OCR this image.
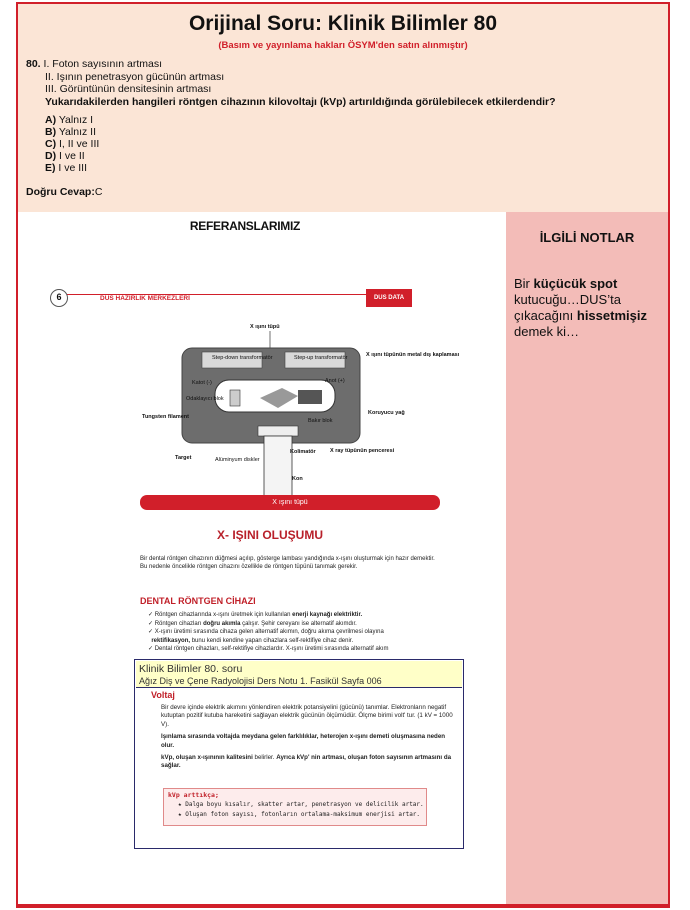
Orijinal Soru: Klinik Bilimler 80
(Basım ve yayınlama hakları ÖSYM'den satın alınmıştır)
80. I. Foton sayısının artması
II. Işının penetrasyon gücünün artması
III. Görüntünün densitesinin artması
Yukarıdakilerden hangileri röntgen cihazının kilovoltajı (kVp) artırıldığında görülebilecek etkilerdendir?
A) Yalnız I
B) Yalnız II
C) I, II ve III
D) I ve II
E) I ve III
Doğru Cevap:C
İLGİLİ NOTLAR
Bir küçücük spot kutucuğu…DUS’ta çıkacağını hissetmişiz demek ki…
REFERANSLARIMIZ
6	DUS HAZIRLIK MERKEZLERİ	DUS DATA
X ışını tüpü
Step-down transformatör	Step-up transformatör	X ışını tüpünün metal dış kaplaması
Katot (-)	Anot (+)
Odaklayıcı blok
Tungsten filament
Bakır blok
Koruyucu yağ
Kolimatör	X ray tüpünün penceresi
Target	Alüminyum diskler
Kon
X ışını tüpü
X- IŞINI OLUŞUMU
Bir dental röntgen cihazının düğmesi açılıp, gösterge lambası yandığında x-ışını oluşturmak için hazır demektir. Bu nedenle öncelikle röntgen cihazını özellikle de röntgen tüpünü tanımak gerekir.
DENTAL RÖNTGEN CİHAZI
✓ Röntgen cihazlarında x-ışını üretmek için kullanılan enerji kaynağı elektriktir.
✓ Röntgen cihazları doğru akımla çalışır. Şehir cereyanı ise alternatif akımdır.
✓ X-ışını üretimi sırasında cihaza gelen alternatif akımın, doğru akıma çevrilmesi olayına
rektifikasyon, bunu kendi kendine yapan cihazlara self-rektifiye cihaz denir.
✓ Dental röntgen cihazları, self-rektifiye cihazlardır. X-ışını üretimi sırasında alternatif akım
Klinik Bilimler 80. soru
Ağız Diş ve Çene Radyolojisi Ders Notu 1. Fasikül Sayfa 006
Voltaj

Bir devre içinde elektrik akımını yönlendiren elektrik potansiyelini (gücünü) tanımlar. Elektronların negatif kutuptan pozitif kutuba hareketini sağlayan elektrik gücünün ölçümüdür. Ölçme birimi volt' tur. (1 kV = 1000 V).

Işınlama sırasında voltajda meydana gelen farklılıklar, heterojen x-ışını demeti oluşmasına neden olur.

kVp, oluşan x-ışınının kalitesini belirler. Ayrıca kVp' nin artması, oluşan foton sayısının artmasını da sağlar.

kVp arttıkça;
★ Dalga boyu kısalır, skatter artar, penetrasyon ve delicilik artar.
★ Oluşan foton sayısı, fotonların ortalama-maksimum enerjisi artar.
